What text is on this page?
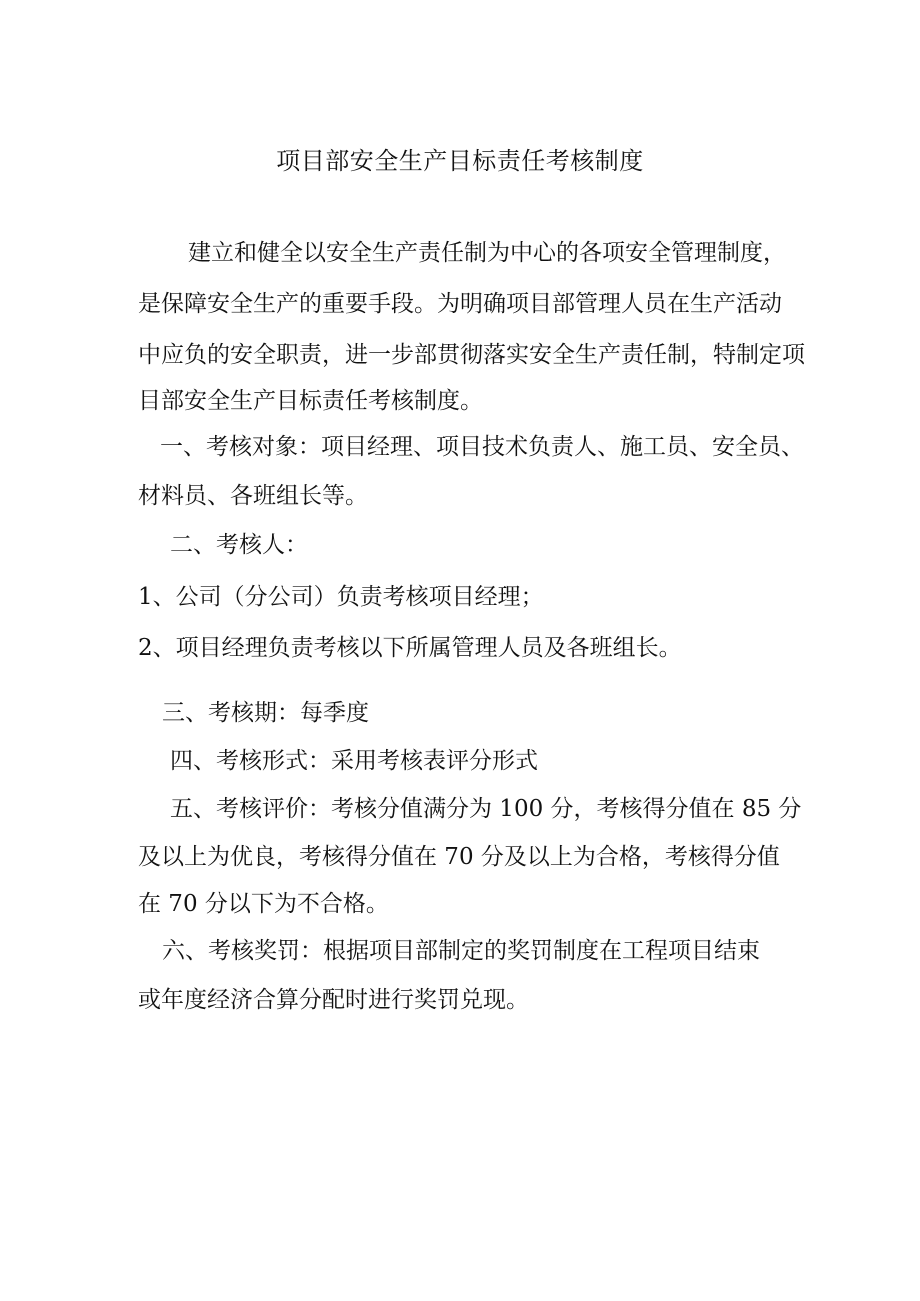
项目部安全生产目标责任考核制度
建立和健全以安全生产责任制为中心的各项安全管理制度，
是保障安全生产的重要手段。为明确项目部管理人员在生产活动
中应负的安全职责，进一步部贯彻落实安全生产责任制，特制定项
目部安全生产目标责任考核制度。
一、考核对象：项目经理、项目技术负责人、施工员、安全员、
材料员、各班组长等。
二、考核人：
1、公司（分公司）负责考核项目经理；
2、项目经理负责考核以下所属管理人员及各班组长。
三、考核期：每季度
四、考核形式：采用考核表评分形式
五、考核评价：考核分值满分为 100 分，考核得分值在 85 分
及以上为优良，考核得分值在 70 分及以上为合格，考核得分值
在 70 分以下为不合格。
六、考核奖罚：根据项目部制定的奖罚制度在工程项目结束
或年度经济合算分配时进行奖罚兑现。
